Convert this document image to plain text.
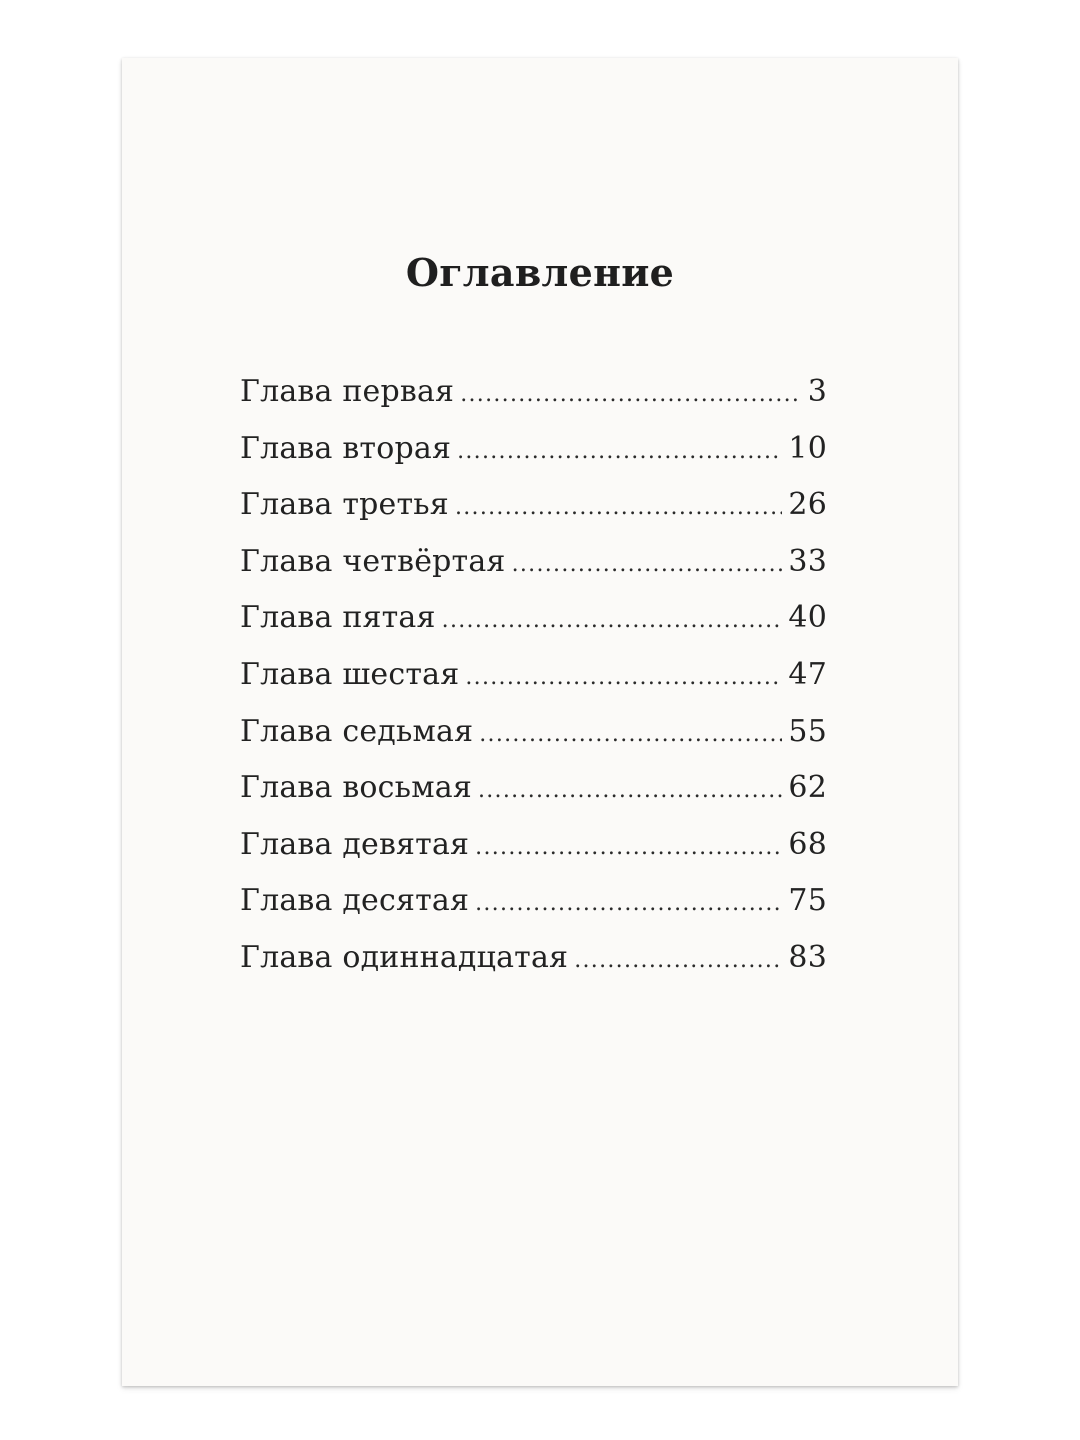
Оглавление
Глава первая .....	3
Глава вторая .....	10
Глава третья .....	26
Глава четвёртая .....	33
Глава пятая .....	40
Глава шестая .....	47
Глава седьмая .....	55
Глава восьмая .....	62
Глава девятая .....	68
Глава десятая .....	75
Глава одиннадцатая .....	83
